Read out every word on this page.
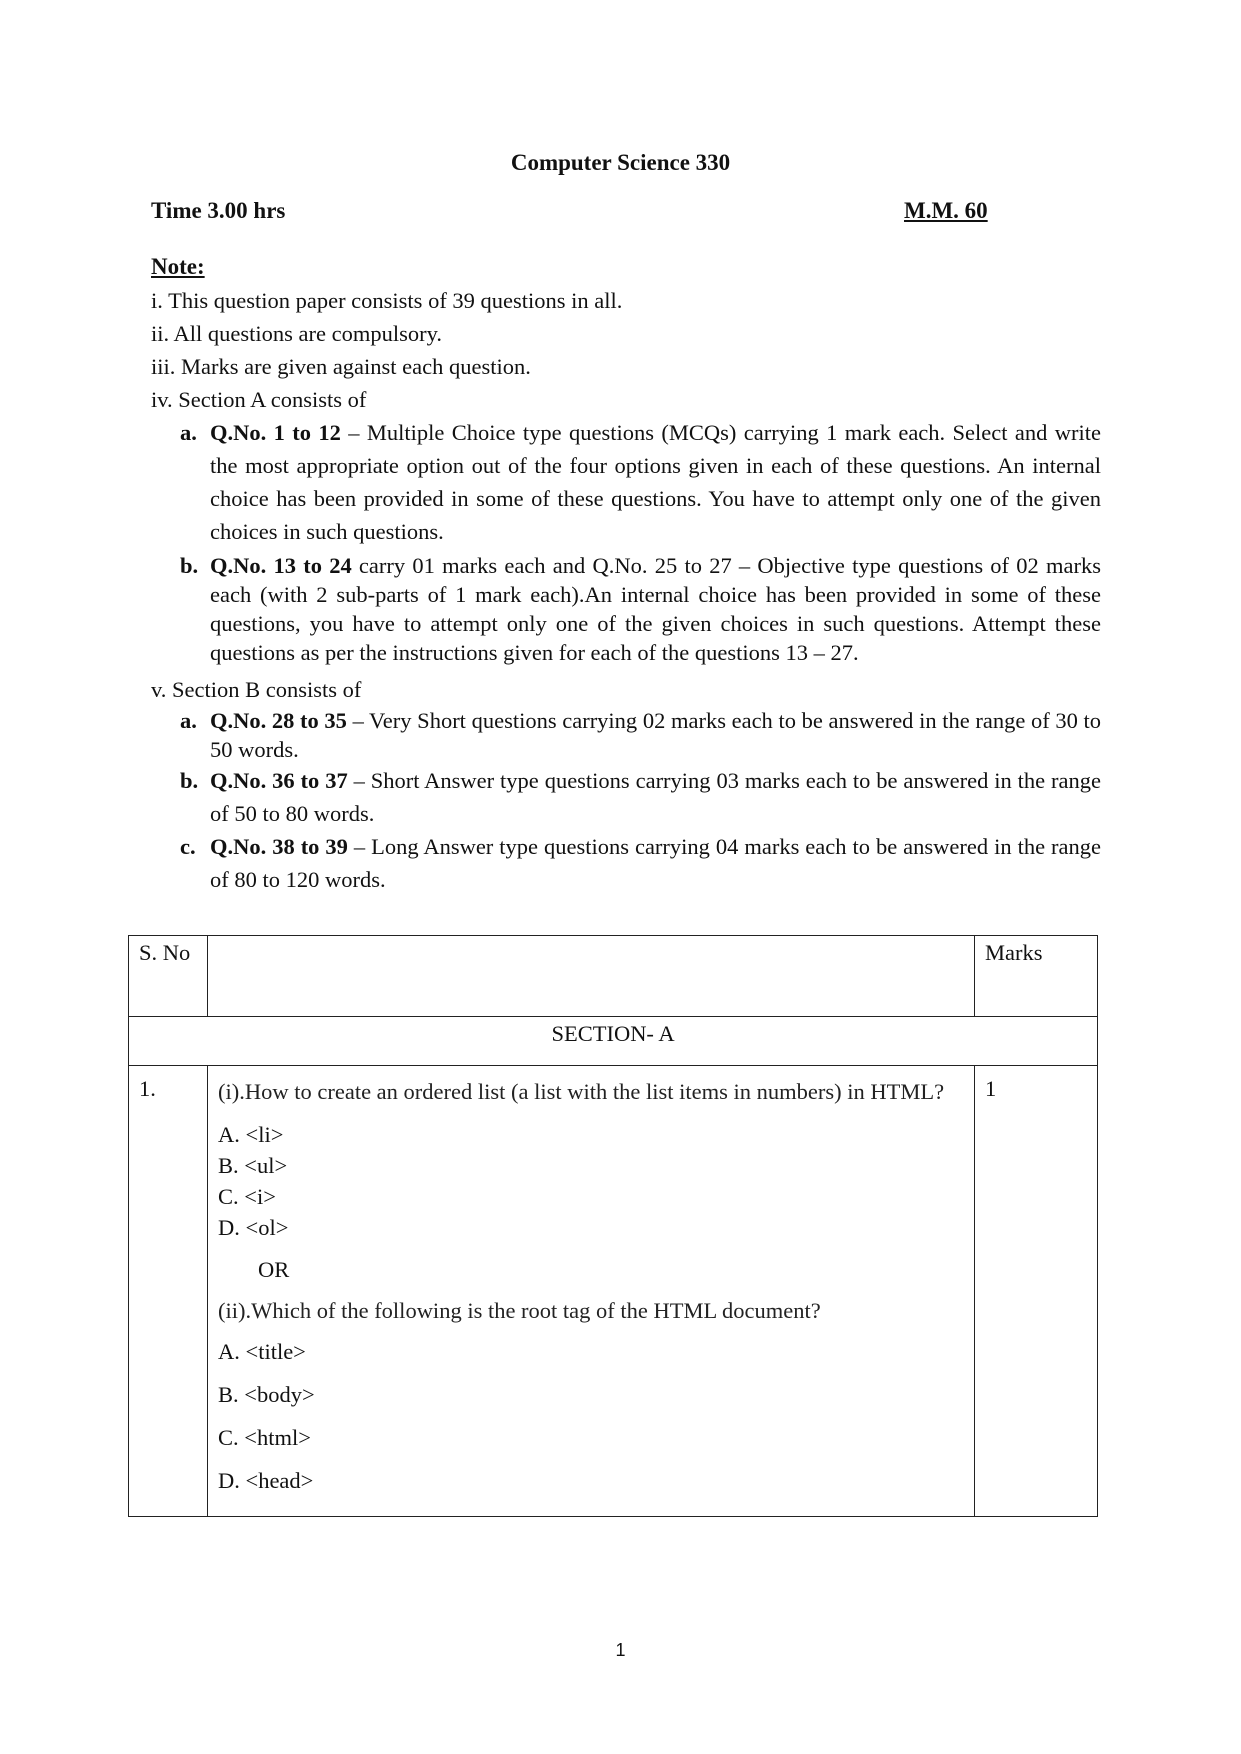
Computer Science 330
Time 3.00 hrs	M.M. 60
Note:
i. This question paper consists of 39 questions in all.
ii. All questions are compulsory.
iii. Marks are given against each question.
iv. Section A consists of
a. Q.No. 1 to 12 – Multiple Choice type questions (MCQs) carrying 1 mark each. Select and write the most appropriate option out of the four options given in each of these questions. An internal choice has been provided in some of these questions. You have to attempt only one of the given choices in such questions.
b. Q.No. 13 to 24 carry 01 marks each and Q.No. 25 to 27 – Objective type questions of 02 marks each (with 2 sub-parts of 1 mark each).An internal choice has been provided in some of these questions, you have to attempt only one of the given choices in such questions. Attempt these questions as per the instructions given for each of the questions 13 – 27.
v. Section B consists of
a. Q.No. 28 to 35 – Very Short questions carrying 02 marks each to be answered in the range of 30 to 50 words.
b. Q.No. 36 to 37 – Short Answer type questions carrying 03 marks each to be answered in the range of 50 to 80 words.
c. Q.No. 38 to 39 – Long Answer type questions carrying 04 marks each to be answered in the range of 80 to 120 words.
S. No		Marks
SECTION- A		
1.	(i).How to create an ordered list (a list with the list items in numbers) in HTML?
A. <li>
B. <ul>
C. <i>
D. <ol>
OR
(ii).Which of the following is the root tag of the HTML document?
A. <title>
B. <body>
C. <html>
D. <head>
	1
1
